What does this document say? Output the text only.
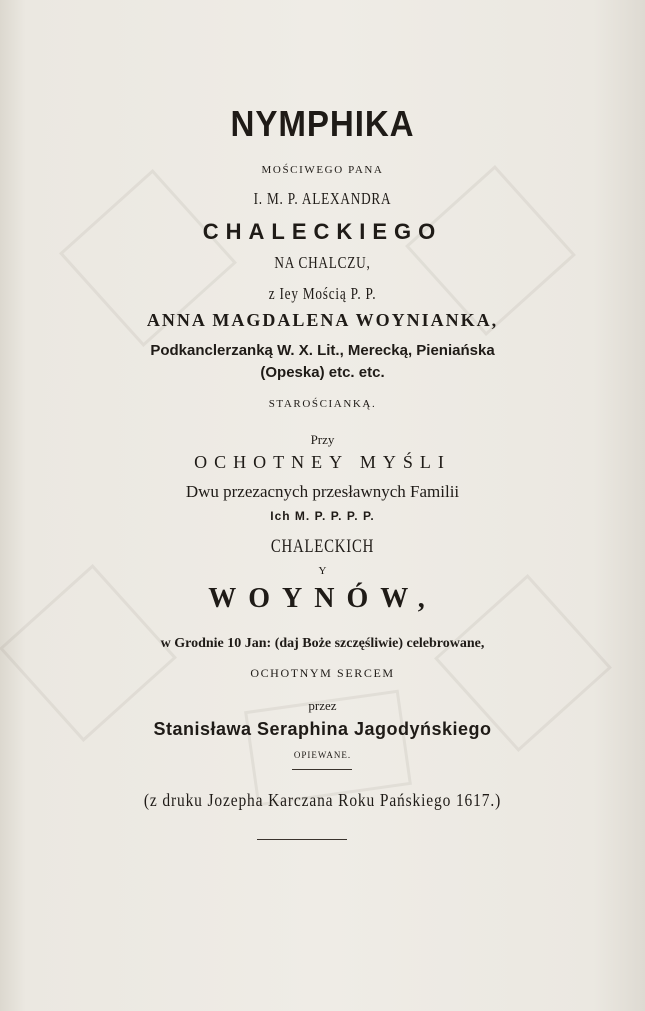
NYMPHIKA
MOŚCIWEGO PANA
I. M. P. ALEXANDRA
CHALECKIEGO
NA CHALCZU,
z Iey Mością P. P.
ANNA MAGDALENA WOYNIANKA,
Podkanclerzanką W. X. Lit., Merecką, Pieniańska
(Opeska) etc. etc.
STAROŚCIANKĄ.
Przy
OCHOTNEY MYŚLI
Dwu przezacnych przesławnych Familii
Ich M. P. P. P. P.
CHALECKICH
Y
WOYNÓW,
w Grodnie 10 Jan: (daj Boże szczęśliwie) celebrowane,
OCHOTNYM SERCEM
przez
Stanisława Seraphina Jagodyńskiego
OPIEWANE.
(z druku Jozepha Karczana Roku Pańskiego 1617.)
